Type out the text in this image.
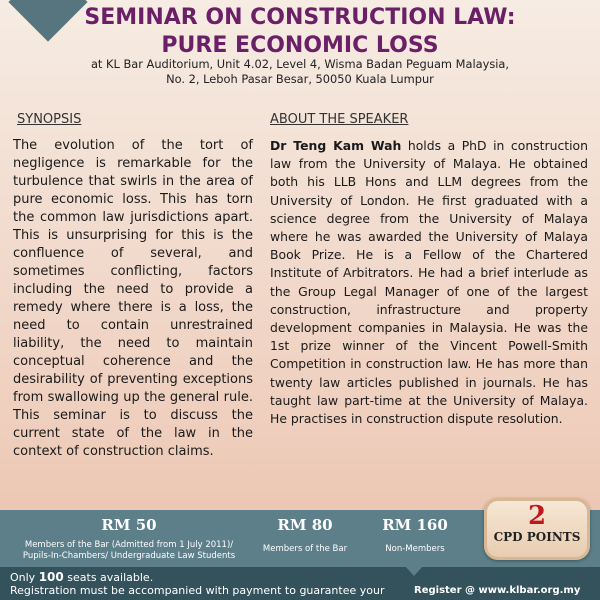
SEMINAR ON CONSTRUCTION LAW:
PURE ECONOMIC LOSS
at KL Bar Auditorium, Unit 4.02, Level 4, Wisma Badan Peguam Malaysia,
No. 2, Leboh Pasar Besar, 50050 Kuala Lumpur
SYNOPSIS	ABOUT THE SPEAKER
The evolution of the tort of negligence is remarkable for the turbulence that swirls in the area of pure economic loss. This has torn the common law jurisdictions apart. This is unsurprising for this is the confluence of several, and sometimes conflicting, factors including the need to provide a remedy where there is a loss, the need to contain unrestrained liability, the need to maintain conceptual coherence and the desirability of preventing exceptions from swallowing up the general rule. This seminar is to discuss the current state of the law in the context of construction claims.
Dr Teng Kam Wah holds a PhD in construction law from the University of Malaya. He obtained both his LLB Hons and LLM degrees from the University of London. He first graduated with a science degree from the University of Malaya where he was awarded the University of Malaya Book Prize. He is a Fellow of the Chartered Institute of Arbitrators. He had a brief interlude as the Group Legal Manager of one of the largest construction, infrastructure and property development companies in Malaysia. He was the 1st prize winner of the Vincent Powell-Smith Competition in construction law. He has more than twenty law articles published in journals. He has taught law part-time at the University of Malaya. He practises in construction dispute resolution.
RM 50
Members of the Bar (Admitted from 1 July 2011)/
Pupils-In-Chambers/ Undergraduate Law Students
RM 80
Members of the Bar
RM 160
Non-Members
2
CPD POINTS
Only 100 seats available.
Registration must be accompanied with payment to guarantee your	Register @ www.klbar.org.my
